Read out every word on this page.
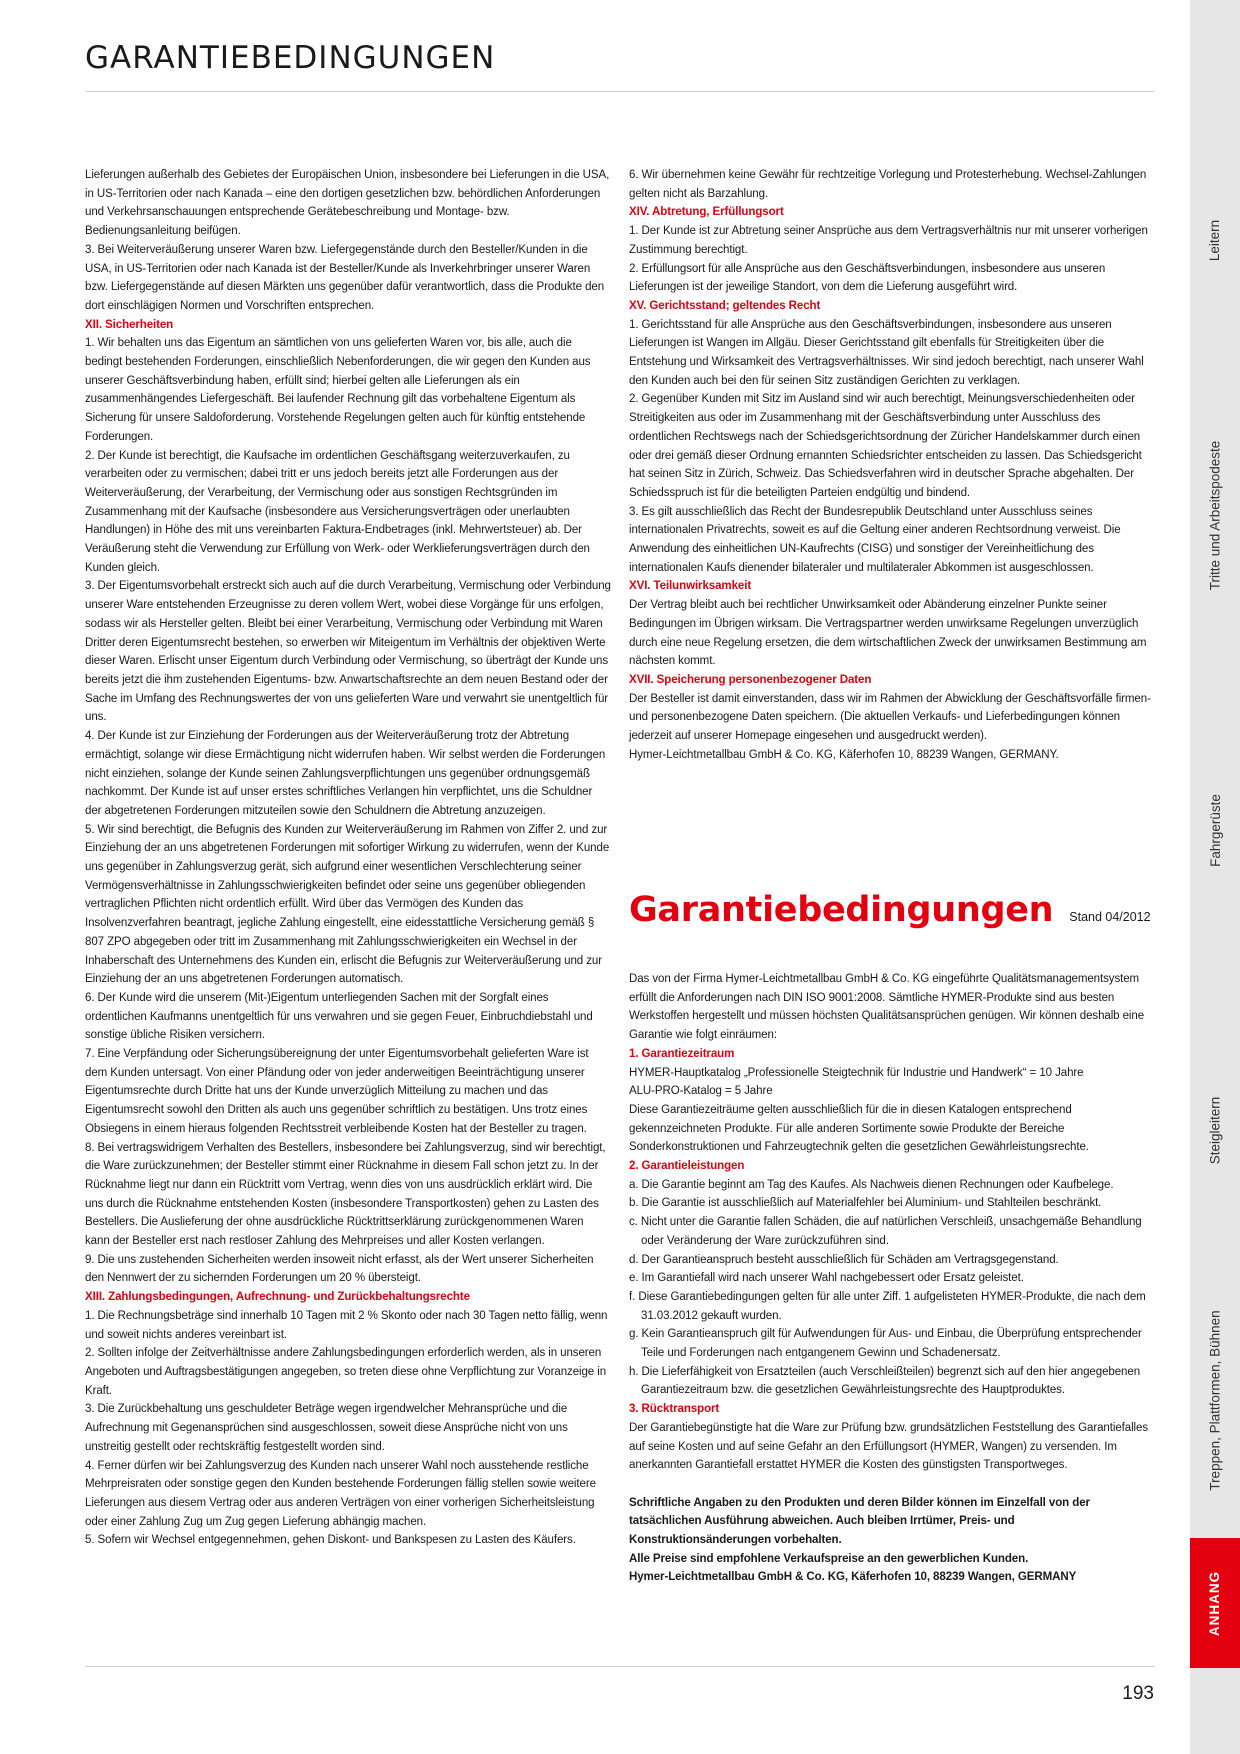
GARANTIEBEDINGUNGEN

Lieferungen außerhalb des Gebietes der Europäischen Union, insbesondere bei Lieferungen in die USA, in US-Territorien oder nach Kanada – eine den dortigen gesetzlichen bzw. behördlichen Anforderungen und Verkehrsanschauungen entsprechende Gerätebeschreibung und Montage- bzw. Bedienungsanleitung beifügen.

3. Bei Weiterveräußerung unserer Waren bzw. Liefergegenstände durch den Besteller/Kunden in die USA, in US-Territorien oder nach Kanada ist der Besteller/Kunde als Inverkehrbringer unserer Waren bzw. Liefergegenstände auf diesen Märkten uns gegenüber dafür verantwortlich, dass die Produkte den dort einschlägigen Normen und Vorschriften entsprechen.

XII. Sicherheiten

1. Wir behalten uns das Eigentum an sämtlichen von uns gelieferten Waren vor, bis alle, auch die bedingt bestehenden Forderungen, einschließlich Nebenforderungen, die wir gegen den Kunden aus unserer Geschäftsverbindung haben, erfüllt sind; hierbei gelten alle Lieferungen als ein zusammenhängendes Liefergeschäft. Bei laufender Rechnung gilt das vorbehaltene Eigentum als Sicherung für unsere Saldoforderung. Vorstehende Regelungen gelten auch für künftig entstehende Forderungen.

2. Der Kunde ist berechtigt, die Kaufsache im ordentlichen Geschäftsgang weiterzuverkaufen, zu verarbeiten oder zu vermischen; dabei tritt er uns jedoch bereits jetzt alle Forderungen aus der Weiterveräußerung, der Verarbeitung, der Vermischung oder aus sonstigen Rechtsgründen im Zusammenhang mit der Kaufsache (insbesondere aus Versicherungsverträgen oder unerlaubten Handlungen) in Höhe des mit uns vereinbarten Faktura-Endbetrages (inkl. Mehrwertsteuer) ab. Der Veräußerung steht die Verwendung zur Erfüllung von Werk- oder Werklieferungsverträgen durch den Kunden gleich.

3. Der Eigentumsvorbehalt erstreckt sich auch auf die durch Verarbeitung, Vermischung oder Verbindung unserer Ware entstehenden Erzeugnisse zu deren vollem Wert, wobei diese Vorgänge für uns erfolgen, sodass wir als Hersteller gelten. Bleibt bei einer Verarbeitung, Vermischung oder Verbindung mit Waren Dritter deren Eigentumsrecht bestehen, so erwerben wir Miteigentum im Verhältnis der objektiven Werte dieser Waren. Erlischt unser Eigentum durch Verbindung oder Vermischung, so überträgt der Kunde uns bereits jetzt die ihm zustehenden Eigentums- bzw. Anwartschaftsrechte an dem neuen Bestand oder der Sache im Umfang des Rechnungswertes der von uns gelieferten Ware und verwahrt sie unentgeltlich für uns.

4. Der Kunde ist zur Einziehung der Forderungen aus der Weiterveräußerung trotz der Abtretung ermächtigt, solange wir diese Ermächtigung nicht widerrufen haben. Wir selbst werden die Forderungen nicht einziehen, solange der Kunde seinen Zahlungsverpflichtungen uns gegenüber ordnungsgemäß nachkommt. Der Kunde ist auf unser erstes schriftliches Verlangen hin verpflichtet, uns die Schuldner der abgetretenen Forderungen mitzuteilen sowie den Schuldnern die Abtretung anzuzeigen.

5. Wir sind berechtigt, die Befugnis des Kunden zur Weiterveräußerung im Rahmen von Ziffer 2. und zur Einziehung der an uns abgetretenen Forderungen mit sofortiger Wirkung zu widerrufen, wenn der Kunde uns gegenüber in Zahlungsverzug gerät, sich aufgrund einer wesentlichen Verschlechterung seiner Vermögensverhältnisse in Zahlungsschwierigkeiten befindet oder seine uns gegenüber obliegenden vertraglichen Pflichten nicht ordentlich erfüllt. Wird über das Vermögen des Kunden das Insolvenzverfahren beantragt, jegliche Zahlung eingestellt, eine eidesstattliche Versicherung gemäß § 807 ZPO abgegeben oder tritt im Zusammenhang mit Zahlungsschwierigkeiten ein Wechsel in der Inhaberschaft des Unternehmens des Kunden ein, erlischt die Befugnis zur Weiterveräußerung und zur Einziehung der an uns abgetretenen Forderungen automatisch.

6. Der Kunde wird die unserem (Mit-)Eigentum unterliegenden Sachen mit der Sorgfalt eines ordentlichen Kaufmanns unentgeltlich für uns verwahren und sie gegen Feuer, Einbruchdiebstahl und sonstige übliche Risiken versichern.

7. Eine Verpfändung oder Sicherungsübereignung der unter Eigentumsvorbehalt gelieferten Ware ist dem Kunden untersagt. Von einer Pfändung oder von jeder anderweitigen Beeinträchtigung unserer Eigentumsrechte durch Dritte hat uns der Kunde unverzüglich Mitteilung zu machen und das Eigentumsrecht sowohl den Dritten als auch uns gegenüber schriftlich zu bestätigen. Uns trotz eines Obsiegens in einem hieraus folgenden Rechtsstreit verbleibende Kosten hat der Besteller zu tragen.

8. Bei vertragswidrigem Verhalten des Bestellers, insbesondere bei Zahlungsverzug, sind wir berechtigt, die Ware zurückzunehmen; der Besteller stimmt einer Rücknahme in diesem Fall schon jetzt zu. In der Rücknahme liegt nur dann ein Rücktritt vom Vertrag, wenn dies von uns ausdrücklich erklärt wird. Die uns durch die Rücknahme entstehenden Kosten (insbesondere Transportkosten) gehen zu Lasten des Bestellers. Die Auslieferung der ohne ausdrückliche Rücktrittserklärung zurückgenommenen Waren kann der Besteller erst nach restloser Zahlung des Mehrpreises und aller Kosten verlangen.

9. Die uns zustehenden Sicherheiten werden insoweit nicht erfasst, als der Wert unserer Sicherheiten den Nennwert der zu sichernden Forderungen um 20 % übersteigt.

XIII. Zahlungsbedingungen, Aufrechnung- und Zurückbehaltungsrechte

1. Die Rechnungsbeträge sind innerhalb 10 Tagen mit 2 % Skonto oder nach 30 Tagen netto fällig, wenn und soweit nichts anderes vereinbart ist.

2. Sollten infolge der Zeitverhältnisse andere Zahlungsbedingungen erforderlich werden, als in unseren Angeboten und Auftragsbestätigungen angegeben, so treten diese ohne Verpflichtung zur Voranzeige in Kraft.

3. Die Zurückbehaltung uns geschuldeter Beträge wegen irgendwelcher Mehransprüche und die Aufrechnung mit Gegenansprüchen sind ausgeschlossen, soweit diese Ansprüche nicht von uns unstreitig gestellt oder rechtskräftig festgestellt worden sind.

4. Ferner dürfen wir bei Zahlungsverzug des Kunden nach unserer Wahl noch ausstehende restliche Mehrpreisraten oder sonstige gegen den Kunden bestehende Forderungen fällig stellen sowie weitere Lieferungen aus diesem Vertrag oder aus anderen Verträgen von einer vorherigen Sicherheitsleistung oder einer Zahlung Zug um Zug gegen Lieferung abhängig machen.

5. Sofern wir Wechsel entgegennehmen, gehen Diskont- und Bankspesen zu Lasten des Käufers.

6. Wir übernehmen keine Gewähr für rechtzeitige Vorlegung und Protesterhebung. Wechsel-Zahlungen gelten nicht als Barzahlung.

XIV. Abtretung, Erfüllungsort

1. Der Kunde ist zur Abtretung seiner Ansprüche aus dem Vertragsverhältnis nur mit unserer vorherigen Zustimmung berechtigt.

2. Erfüllungsort für alle Ansprüche aus den Geschäftsverbindungen, insbesondere aus unseren Lieferungen ist der jeweilige Standort, von dem die Lieferung ausgeführt wird.

XV. Gerichtsstand; geltendes Recht

1. Gerichtsstand für alle Ansprüche aus den Geschäftsverbindungen, insbesondere aus unseren Lieferungen ist Wangen im Allgäu. Dieser Gerichtsstand gilt ebenfalls für Streitigkeiten über die Entstehung und Wirksamkeit des Vertragsverhältnisses. Wir sind jedoch berechtigt, nach unserer Wahl den Kunden auch bei den für seinen Sitz zuständigen Gerichten zu verklagen.

2. Gegenüber Kunden mit Sitz im Ausland sind wir auch berechtigt, Meinungsverschiedenheiten oder Streitigkeiten aus oder im Zusammenhang mit der Geschäftsverbindung unter Ausschluss des ordentlichen Rechtswegs nach der Schiedsgerichtsordnung der Züricher Handelskammer durch einen oder drei gemäß dieser Ordnung ernannten Schiedsrichter entscheiden zu lassen. Das Schiedsgericht hat seinen Sitz in Zürich, Schweiz. Das Schiedsverfahren wird in deutscher Sprache abgehalten. Der Schiedsspruch ist für die beteiligten Parteien endgültig und bindend.

3. Es gilt ausschließlich das Recht der Bundesrepublik Deutschland unter Ausschluss seines internationalen Privatrechts, soweit es auf die Geltung einer anderen Rechtsordnung verweist. Die Anwendung des einheitlichen UN-Kaufrechts (CISG) und sonstiger der Vereinheitlichung des internationalen Kaufs dienender bilateraler und multilateraler Abkommen ist ausgeschlossen.

XVI. Teilunwirksamkeit

Der Vertrag bleibt auch bei rechtlicher Unwirksamkeit oder Abänderung einzelner Punkte seiner Bedingungen im Übrigen wirksam. Die Vertragspartner werden unwirksame Regelungen unverzüglich durch eine neue Regelung ersetzen, die dem wirtschaftlichen Zweck der unwirksamen Bestimmung am nächsten kommt.

XVII. Speicherung personenbezogener Daten

Der Besteller ist damit einverstanden, dass wir im Rahmen der Abwicklung der Geschäftsvorfälle firmen- und personenbezogene Daten speichern. (Die aktuellen Verkaufs- und Lieferbedingungen können jederzeit auf unserer Homepage eingesehen und ausgedruckt werden).

Hymer-Leichtmetallbau GmbH & Co. KG, Käferhofen 10, 88239 Wangen, GERMANY.

Garantiebedingungen Stand 04/2012

Das von der Firma Hymer-Leichtmetallbau GmbH & Co. KG eingeführte Qualitätsmanagementsystem erfüllt die Anforderungen nach DIN ISO 9001:2008. Sämtliche HYMER-Produkte sind aus besten Werkstoffen hergestellt und müssen höchsten Qualitätsansprüchen genügen. Wir können deshalb eine Garantie wie folgt einräumen:

1. Garantiezeitraum

HYMER-Hauptkatalog „Professionelle Steigtechnik für Industrie und Handwerk“ = 10 Jahre

ALU-PRO-Katalog = 5 Jahre

Diese Garantiezeiträume gelten ausschließlich für die in diesen Katalogen entsprechend gekennzeichneten Produkte. Für alle anderen Sortimente sowie Produkte der Bereiche Sonderkonstruktionen und Fahrzeugtechnik gelten die gesetzlichen Gewährleistungsrechte.

2. Garantieleistungen

a. Die Garantie beginnt am Tag des Kaufes. Als Nachweis dienen Rechnungen oder Kaufbelege.

b. Die Garantie ist ausschließlich auf Materialfehler bei Aluminium- und Stahlteilen beschränkt.

c. Nicht unter die Garantie fallen Schäden, die auf natürlichen Verschleiß, unsachgemäße Behandlung oder Veränderung der Ware zurückzuführen sind.

d. Der Garantieanspruch besteht ausschließlich für Schäden am Vertragsgegenstand.

e. Im Garantiefall wird nach unserer Wahl nachgebessert oder Ersatz geleistet.

f. Diese Garantiebedingungen gelten für alle unter Ziff. 1 aufgelisteten HYMER-Produkte, die nach dem 31.03.2012 gekauft wurden.

g. Kein Garantieanspruch gilt für Aufwendungen für Aus- und Einbau, die Überprüfung entsprechender Teile und Forderungen nach entgangenem Gewinn und Schadenersatz.

h. Die Lieferfähigkeit von Ersatzteilen (auch Verschleißteilen) begrenzt sich auf den hier angegebenen Garantiezeitraum bzw. die gesetzlichen Gewährleistungsrechte des Hauptproduktes.

3. Rücktransport

Der Garantiebegünstigte hat die Ware zur Prüfung bzw. grundsätzlichen Feststellung des Garantiefalles auf seine Kosten und auf seine Gefahr an den Erfüllungsort (HYMER, Wangen) zu versenden. Im anerkannten Garantiefall erstattet HYMER die Kosten des günstigsten Transportweges.

Schriftliche Angaben zu den Produkten und deren Bilder können im Einzelfall von der tatsächlichen Ausführung abweichen. Auch bleiben Irrtümer, Preis- und Konstruktionsänderungen vorbehalten.

Alle Preise sind empfohlene Verkaufspreise an den gewerblichen Kunden.

Hymer-Leichtmetallbau GmbH & Co. KG, Käferhofen 10, 88239 Wangen, GERMANY

193
Leitern
Tritte und Arbeitspodeste
Fahrgerüste
Steigleitern
Treppen, Plattformen, Bühnen
ANHANG
